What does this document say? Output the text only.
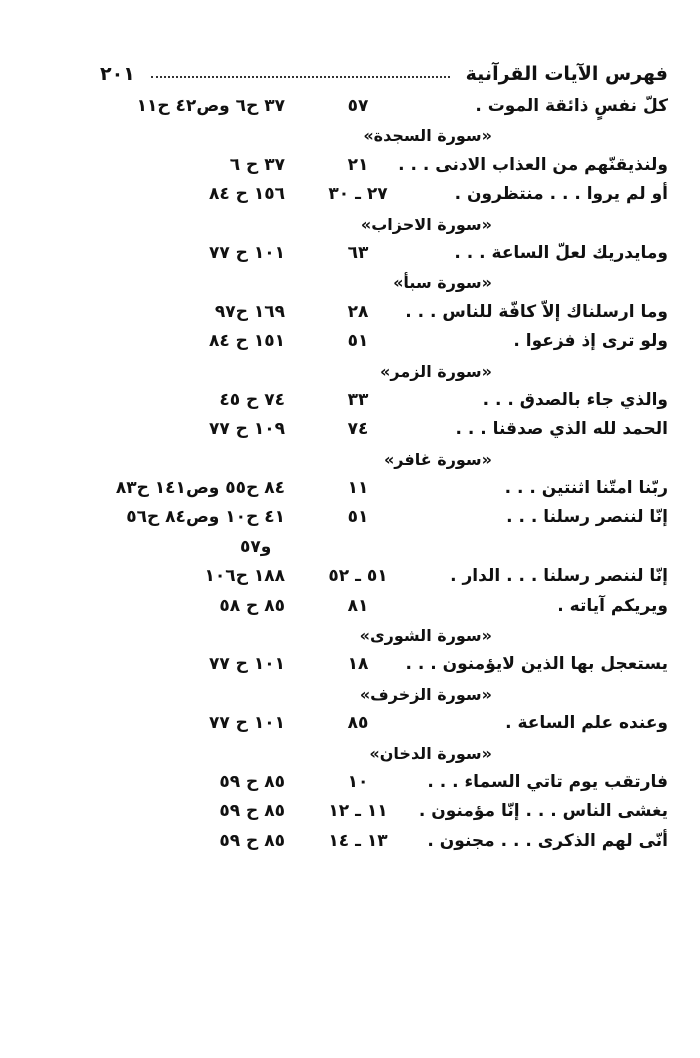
فهرس الآيات القرآنية
٢٠١
كلّ نفسٍ ذائقة الموت .
٥٧
٣٧ ح٦ وص٤٢ ح١١
«سورة السجدة»
ولنذيقنّهم من العذاب الادنى . . .
٢١
٣٧ ح ٦
أو لم يروا . . . منتظرون .
٢٧ ـ ٣٠
١٥٦ ح ٨٤
«سورة الاحزاب»
ومايدريك لعلّ الساعة . . .
٦٣
١٠١ ح ٧٧
«سورة سبأ»
وما ارسلناك إلاّ كافّة للناس . . .
٢٨
١٦٩ ح٩٧
ولو ترى إذ فزعوا .
٥١
١٥١ ح ٨٤
«سورة الزمر»
والذي جاء بالصدق . . .
٣٣
٧٤ ح ٤٥
الحمد لله الذي صدقنا . . .
٧٤
١٠٩ ح ٧٧
«سورة غافر»
ربّنا امتّنا اثنتين . . .
١١
٨٤ ح٥٥ وص١٤١ ح٨٣
إنّا لننصر رسلنا . . .
٥١
٤١ ح١٠ وص٨٤ ح٥٦
و٥٧
إنّا لننصر رسلنا . . . الدار .
٥١ ـ ٥٢
١٨٨ ح١٠٦
ويريكم آياته .
٨١
٨٥ ح ٥٨
«سورة الشورى»
يستعجل بها الذين لايؤمنون . . .
١٨
١٠١ ح ٧٧
«سورة الزخرف»
وعنده علم الساعة .
٨٥
١٠١ ح ٧٧
«سورة الدخان»
فارتقب يوم تاتي السماء . . .
١٠
٨٥ ح ٥٩
يغشى الناس . . . إنّا مؤمنون .
١١ ـ ١٢
٨٥ ح ٥٩
أنّى لهم الذكرى . . . مجنون .
١٣ ـ ١٤
٨٥ ح ٥٩
